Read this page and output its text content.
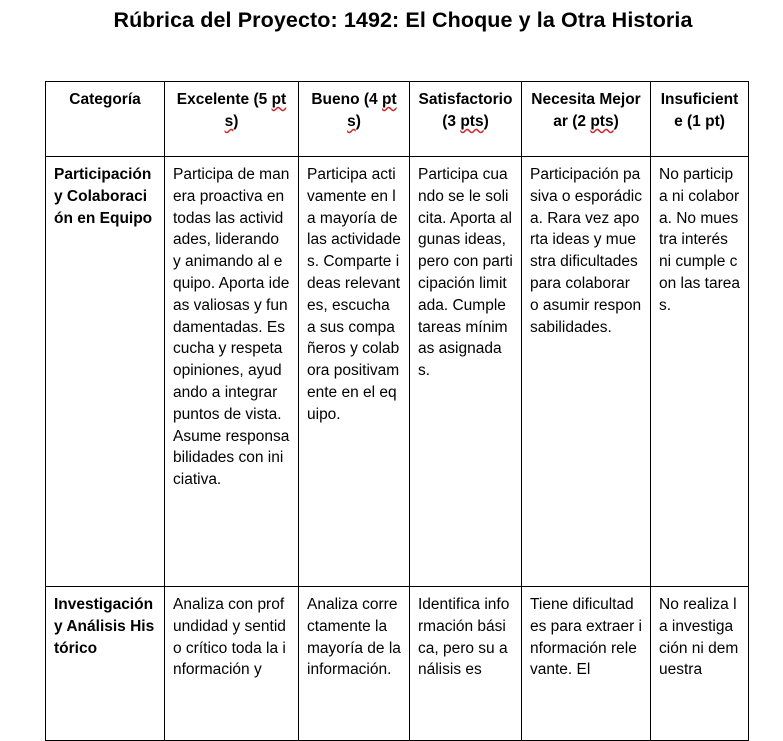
Rúbrica del Proyecto: 1492: El Choque y la Otra Historia
Categoría	Excelente (5 pts)	Bueno (4 pts)	Satisfactorio (3 pts)	Necesita Mejorar (2 pts)	Insuficiente (1 pt)
Participación y Colaboración en Equipo	Participa de manera proactiva en todas las actividades, liderando y animando al equipo. Aporta ideas valiosas y fundamentadas. Escucha y respeta opiniones, ayudando a integrar puntos de vista. Asume responsabilidades con iniciativa.	Participa activamente en la mayoría de las actividades. Comparte ideas relevantes, escucha a sus compañeros y colabora positivamente en el equipo.	Participa cuando se le solicita. Aporta algunas ideas, pero con participación limitada. Cumple tareas mínimas asignadas.	Participación pasiva o esporádica. Rara vez aporta ideas y muestra dificultades para colaborar o asumir responsabilidades.	No participa ni colabora. No muestra interés ni cumple con las tareas.
Investigación y Análisis Histórico	Analiza con profundidad y sentido crítico toda la información y	Analiza correctamente la mayoría de la información.	Identifica información básica, pero su análisis es	Tiene dificultades para extraer información relevante. El	No realiza la investigación ni demuestra
